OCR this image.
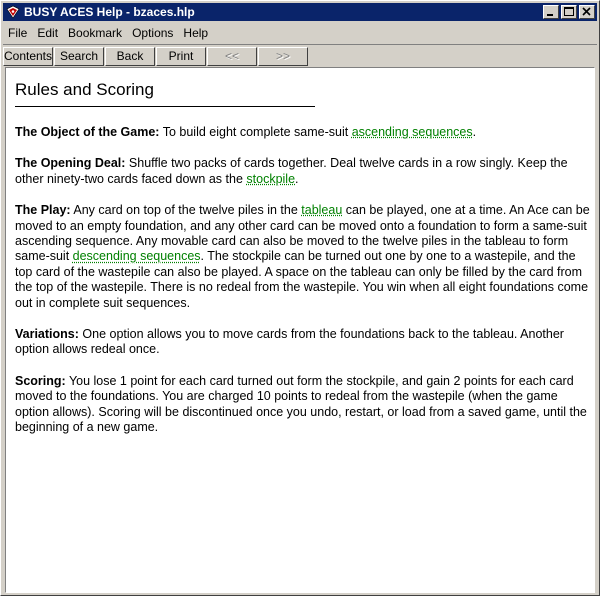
BUSY ACES Help - bzaces.hlp
File Edit Bookmark Options Help
Contents Search Back Print	<<	>>
Rules and Scoring

The Object of the Game: To build eight complete same-suit ascending sequences.

The Opening Deal: Shuffle two packs of cards together. Deal twelve cards in a row singly. Keep the other ninety-two cards faced down as the stockpile.

The Play: Any card on top of the twelve piles in the tableau can be played, one at a time. An Ace can be moved to an empty foundation, and any other card can be moved onto a foundation to form a same-suit ascending sequence. Any movable card can also be moved to the twelve piles in the tableau to form same-suit descending sequences. The stockpile can be turned out one by one to a wastepile, and the top card of the wastepile can also be played. A space on the tableau can only be filled by the card from the top of the wastepile. There is no redeal from the wastepile. You win when all eight foundations come out in complete suit sequences.

Variations: One option allows you to move cards from the foundations back to the tableau. Another option allows redeal once.

Scoring: You lose 1 point for each card turned out form the stockpile, and gain 2 points for each card moved to the foundations. You are charged 10 points to redeal from the wastepile (when the game option allows). Scoring will be discontinued once you undo, restart, or load from a saved game, until the beginning of a new game.
